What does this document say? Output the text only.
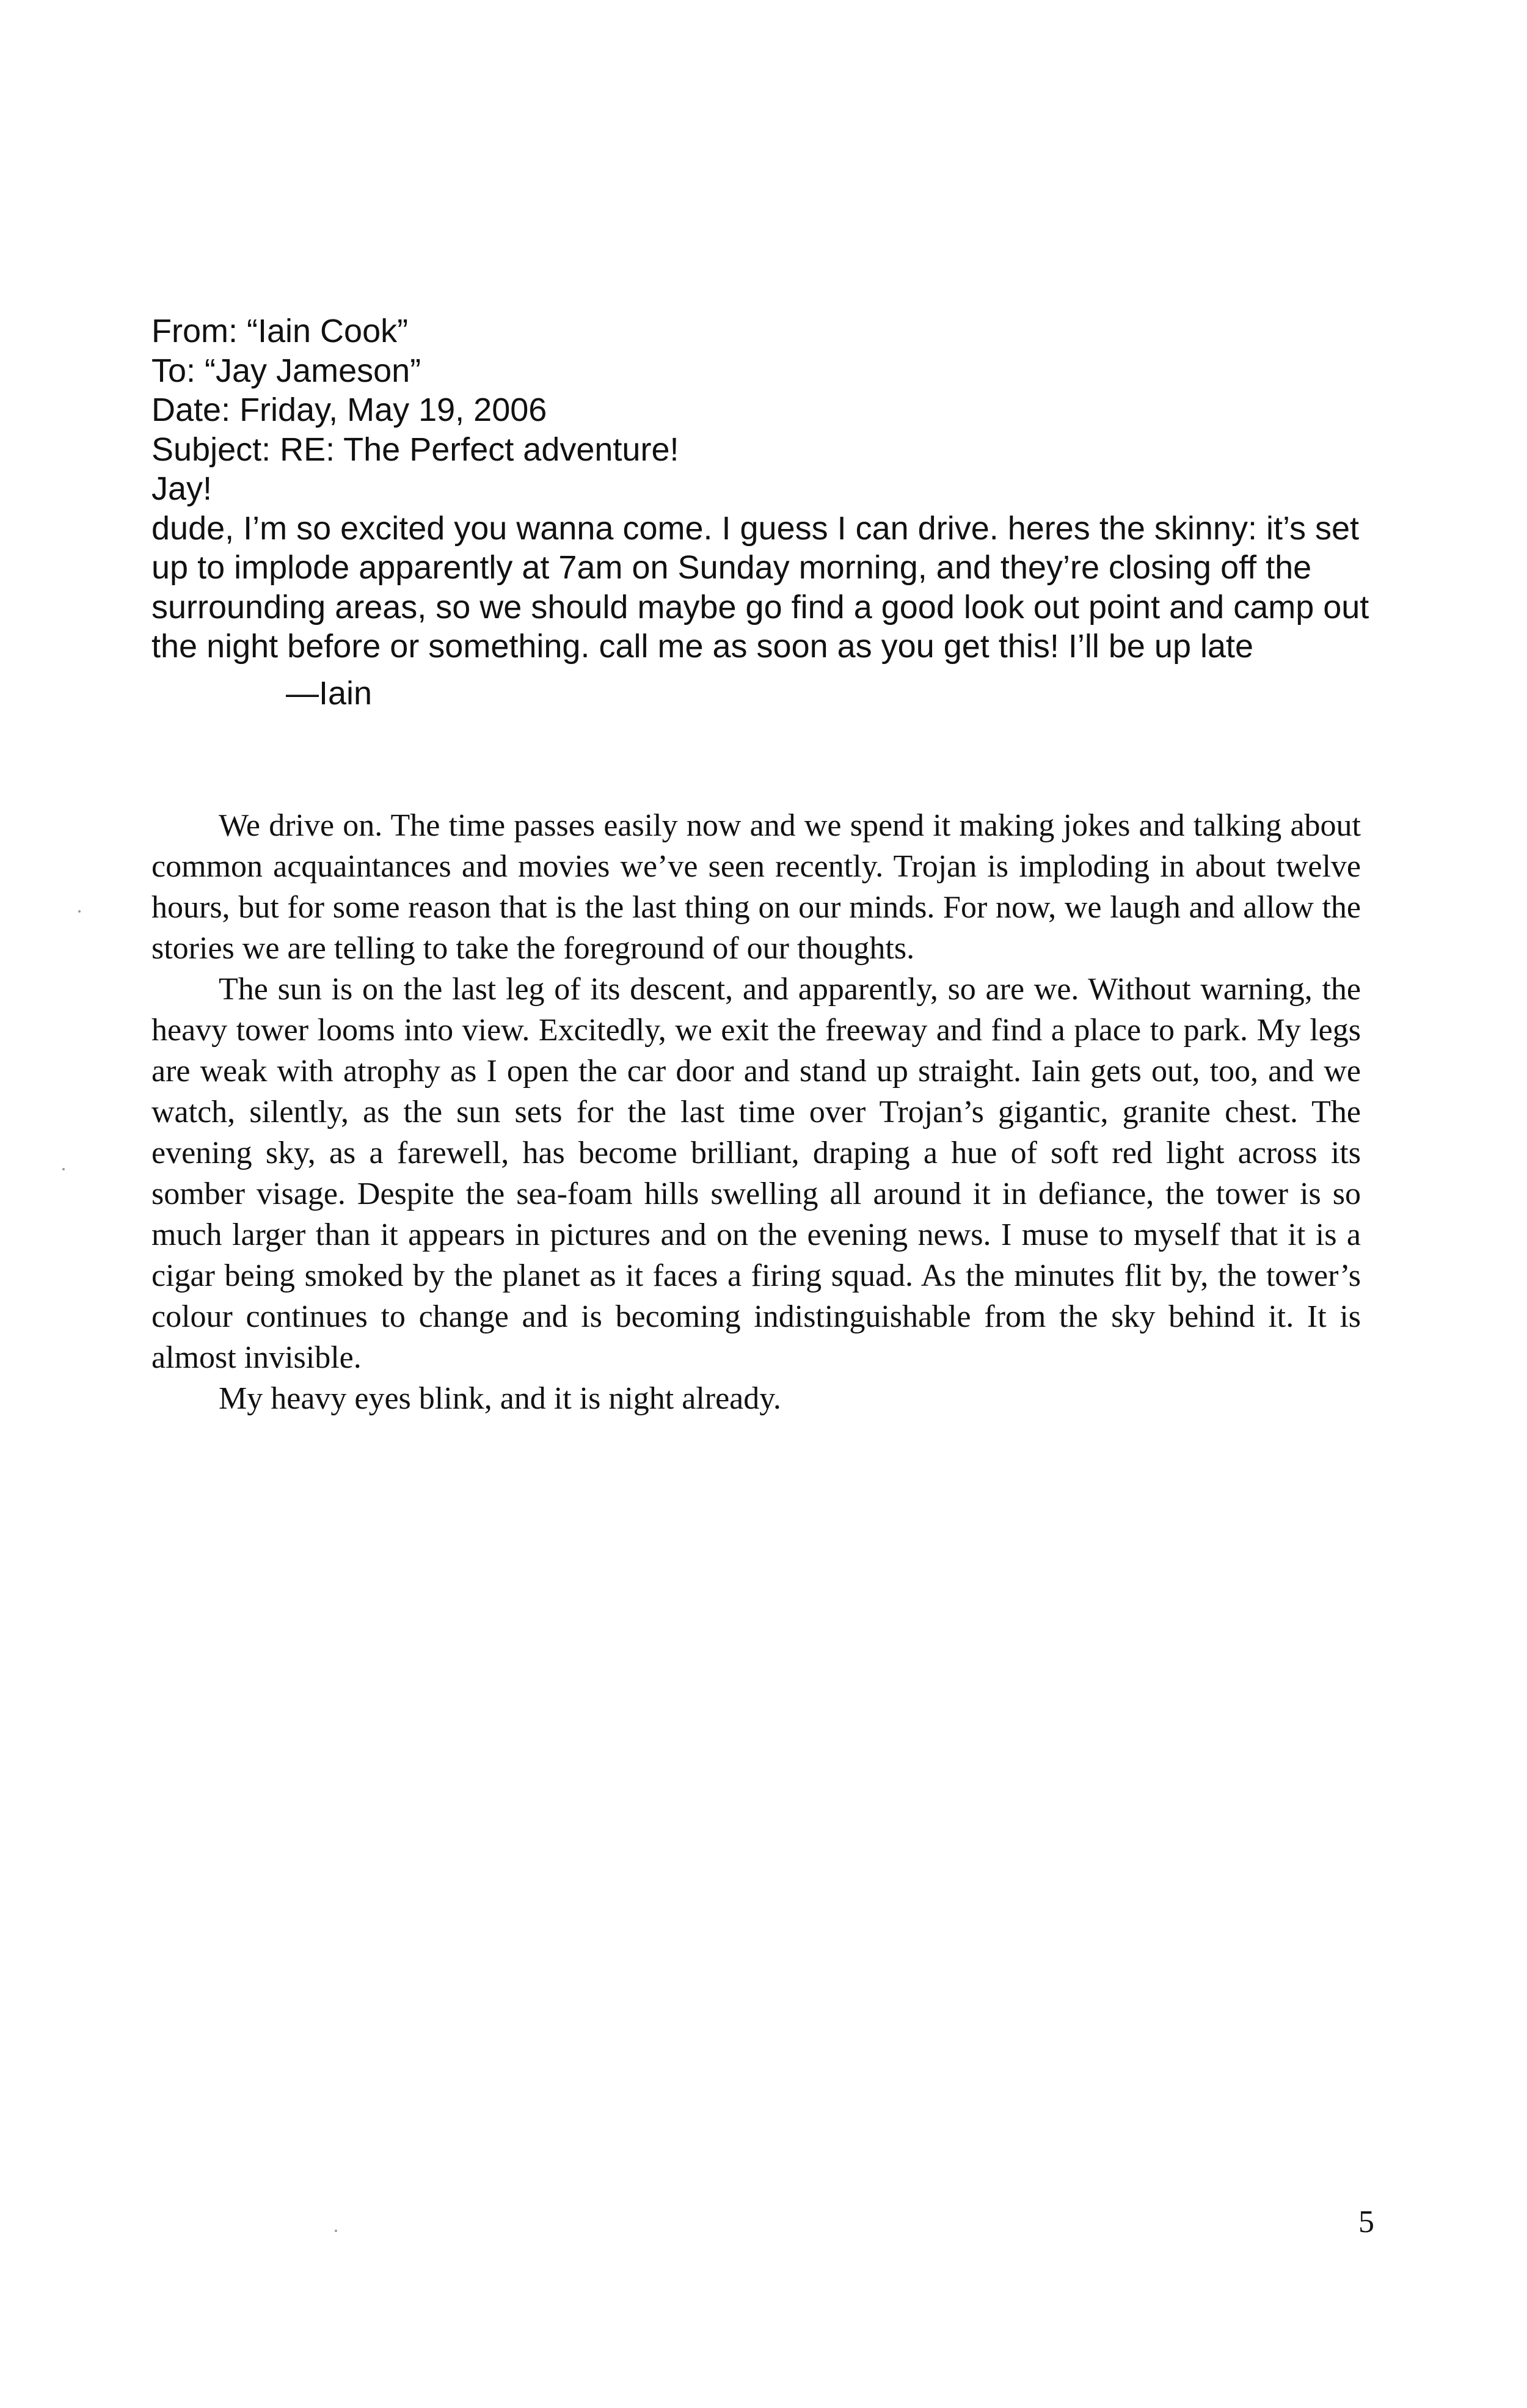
From: “Iain Cook”
To: “Jay Jameson”
Date: Friday, May 19, 2006
Subject: RE: The Perfect adventure!
Jay!
dude, I’m so excited you wanna come. I guess I can drive. heres the skinny: it’s set up to implode apparently at 7am on Sunday morning, and they’re closing off the surrounding areas, so we should maybe go find a good look out point and camp out the night before or something. call me as soon as you get this! I’ll be up late
—Iain

We drive on. The time passes easily now and we spend it making jokes and talking about common acquaintances and movies we’ve seen recently. Trojan is imploding in about twelve hours, but for some reason that is the last thing on our minds. For now, we laugh and allow the stories we are telling to take the foreground of our thoughts.

The sun is on the last leg of its descent, and apparently, so are we. Without warning, the heavy tower looms into view. Excitedly, we exit the freeway and find a place to park. My legs are weak with atrophy as I open the car door and stand up straight. Iain gets out, too, and we watch, silently, as the sun sets for the last time over Trojan’s gigantic, granite chest. The evening sky, as a farewell, has become brilliant, draping a hue of soft red light across its somber visage. Despite the sea-foam hills swelling all around it in defiance, the tower is so much larger than it appears in pictures and on the evening news. I muse to myself that it is a cigar being smoked by the planet as it faces a firing squad. As the minutes flit by, the tower’s colour continues to change and is becoming indistinguishable from the sky behind it. It is almost invisible.

My heavy eyes blink, and it is night already.

5
